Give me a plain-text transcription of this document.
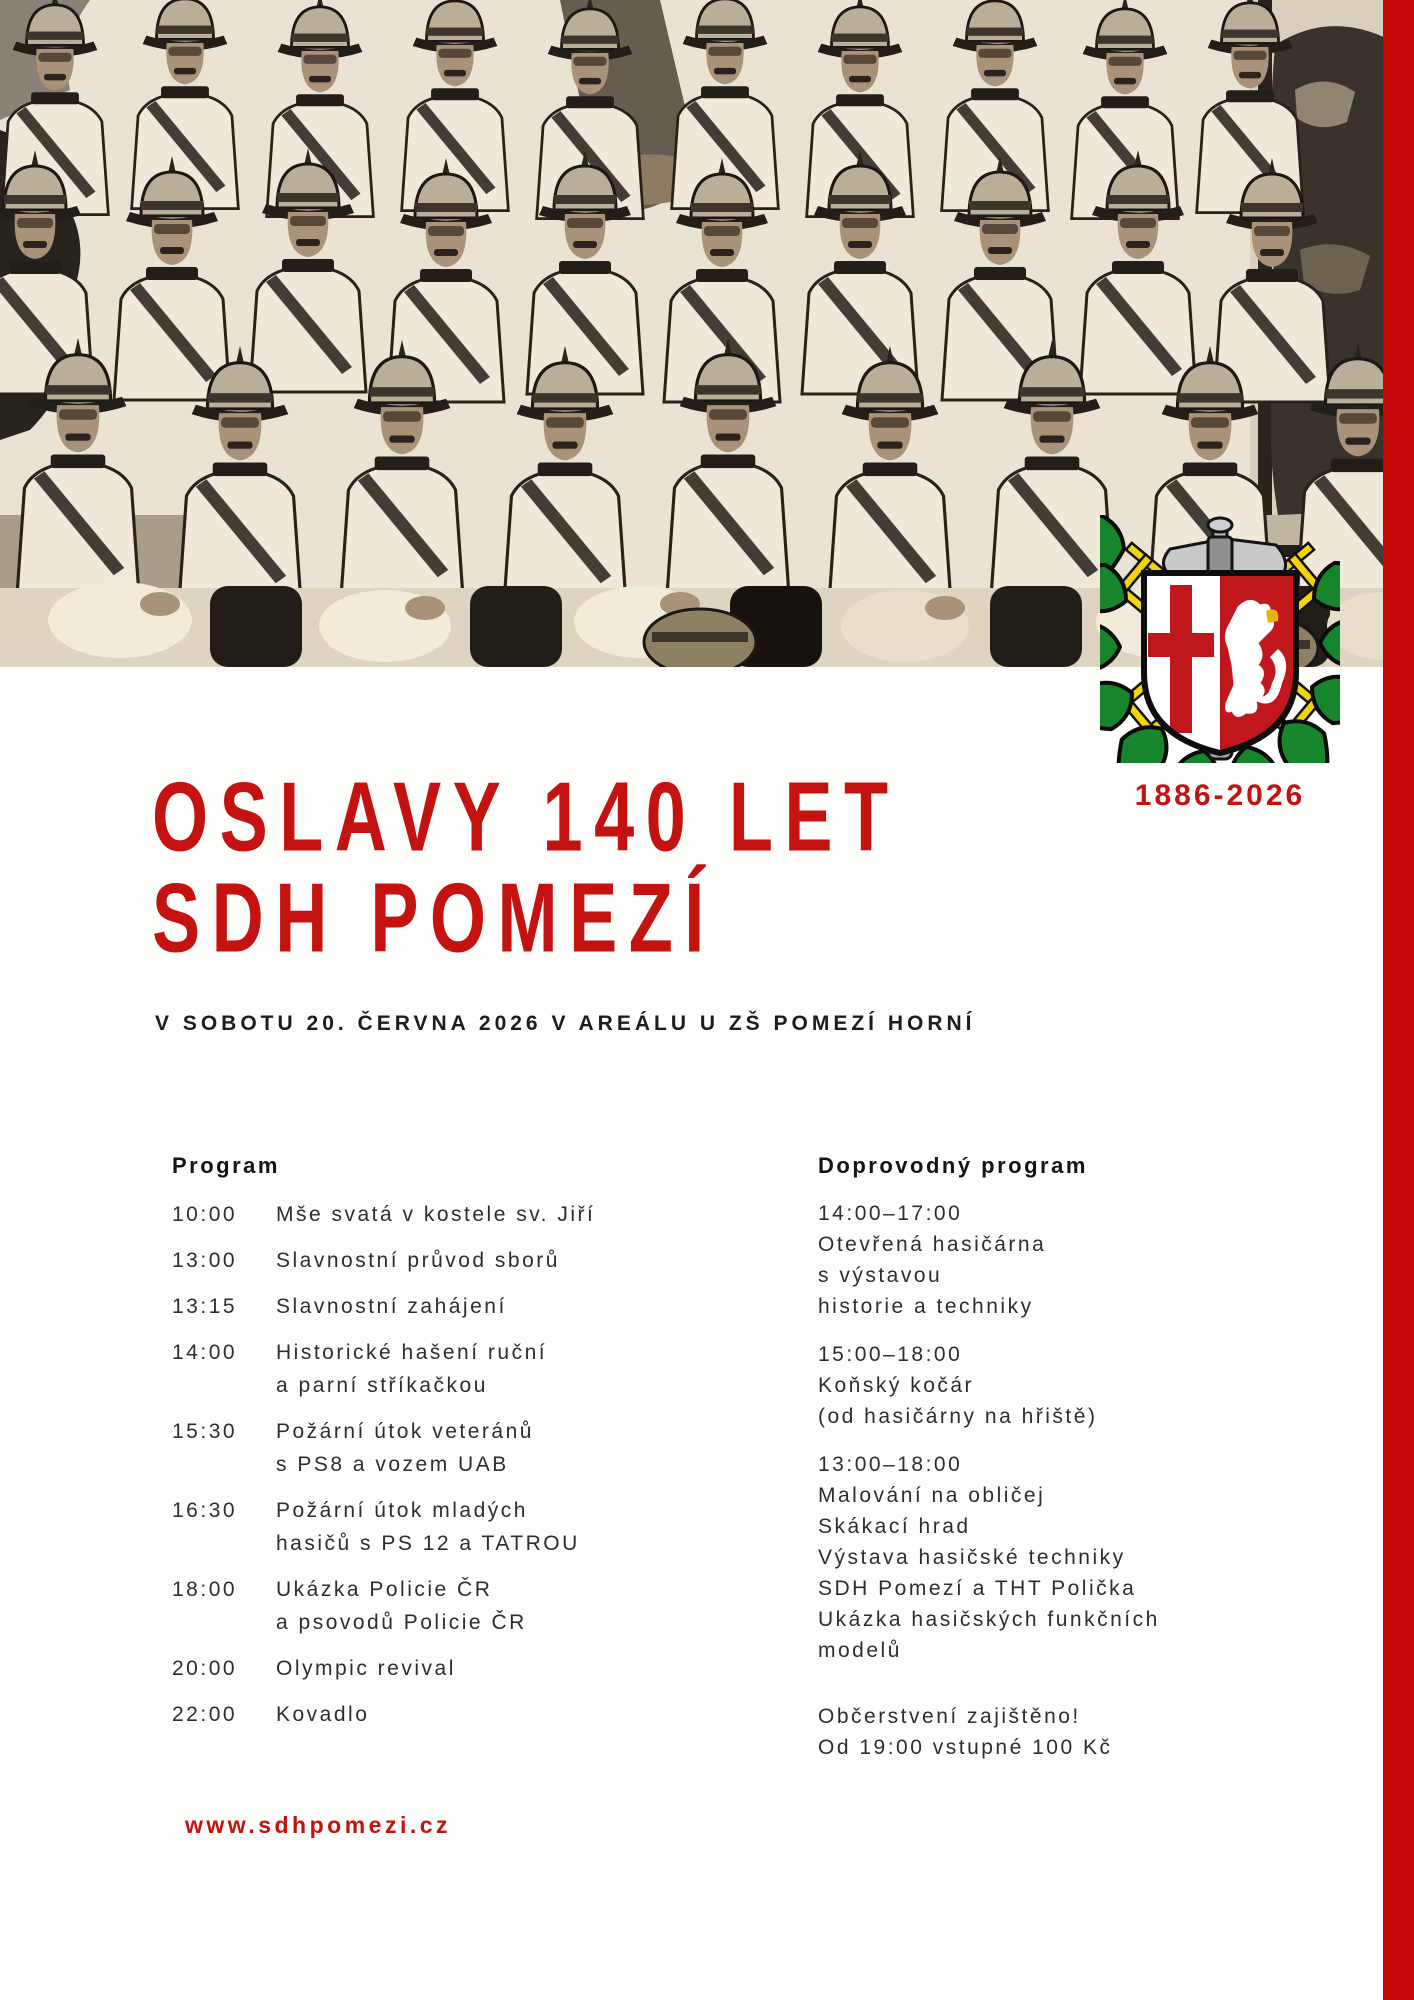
1886-2026
OSLAVY 140 LET
SDH POMEZÍ
V SOBOTU 20. ČERVNA 2026 V AREÁLU U ZŠ POMEZÍ HORNÍ
Program
10:00	Mše svatá v kostele sv. Jiří
13:00	Slavnostní průvod sborů
13:15	Slavnostní zahájení
14:00	Historické hašení ruční
a parní stříkačkou
15:30	Požární útok veteránů
s PS8 a vozem UAB
16:30	Požární útok mladých
hasičů s PS 12 a TATROU
18:00	Ukázka Policie ČR
a psovodů Policie ČR
20:00	Olympic revival
22:00	Kovadlo
Doprovodný program

14:00–17:00
Otevřená hasičárna
s výstavou
historie a techniky

15:00–18:00
Koňský kočár
(od hasičárny na hřiště)

13:00–18:00
Malování na obličej
Skákací hrad
Výstava hasičské techniky
SDH Pomezí a THT Polička
Ukázka hasičských funkčních
modelů

Občerstvení zajištěno!
Od 19:00 vstupné 100 Kč

www.sdhpomezi.cz
